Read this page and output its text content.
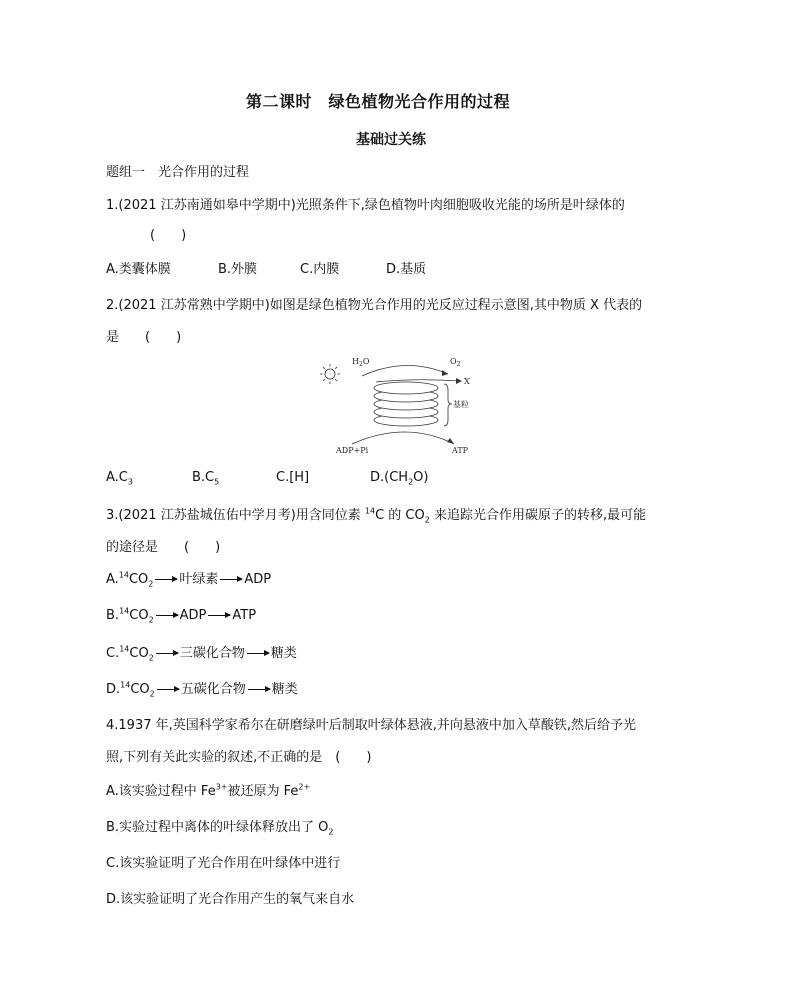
第二课时　绿色植物光合作用的过程
基础过关练
题组一　光合作用的过程
1.(2021 江苏南通如皋中学期中)光照条件下,绿色植物叶肉细胞吸收光能的场所是叶绿体的
(　　)
A.类囊体膜	B.外膜	C.内膜	D.基质
2.(2021 江苏常熟中学期中)如图是绿色植物光合作用的光反应过程示意图,其中物质 X 代表的
是　　(　　)
$H_2O$	$O_2$
X
基粒
ADP+Pi	ATP
$A.C_3$	$B.C_5$	C.[H]	$D.(CH_2O)$
3.(2021 江苏盐城伍佑中学月考)用含同位素 $^{14}$C 的 $CO_2$ 来追踪光合作用碳原子的转移,最可能
的途径是　　(　　)
$A.^{14}CO_2$ 叶绿素 ADP
$B.^{14}CO_2$ ADP ATP
$C.^{14}CO_2$ 三碳化合物 糖类
$D.^{14}CO_2$ 五碳化合物 糖类
4.1937 年,英国科学家希尔在研磨绿叶后制取叶绿体悬液,并向悬液中加入草酸铁,然后给予光
照,下列有关此实验的叙述,不正确的是　(　　)
A.该实验过程中 $Fe^{3+}$被还原为 $Fe^{2+}$
B.实验过程中离体的叶绿体释放出了 $O_2$
C.该实验证明了光合作用在叶绿体中进行
D.该实验证明了光合作用产生的氧气来自水
